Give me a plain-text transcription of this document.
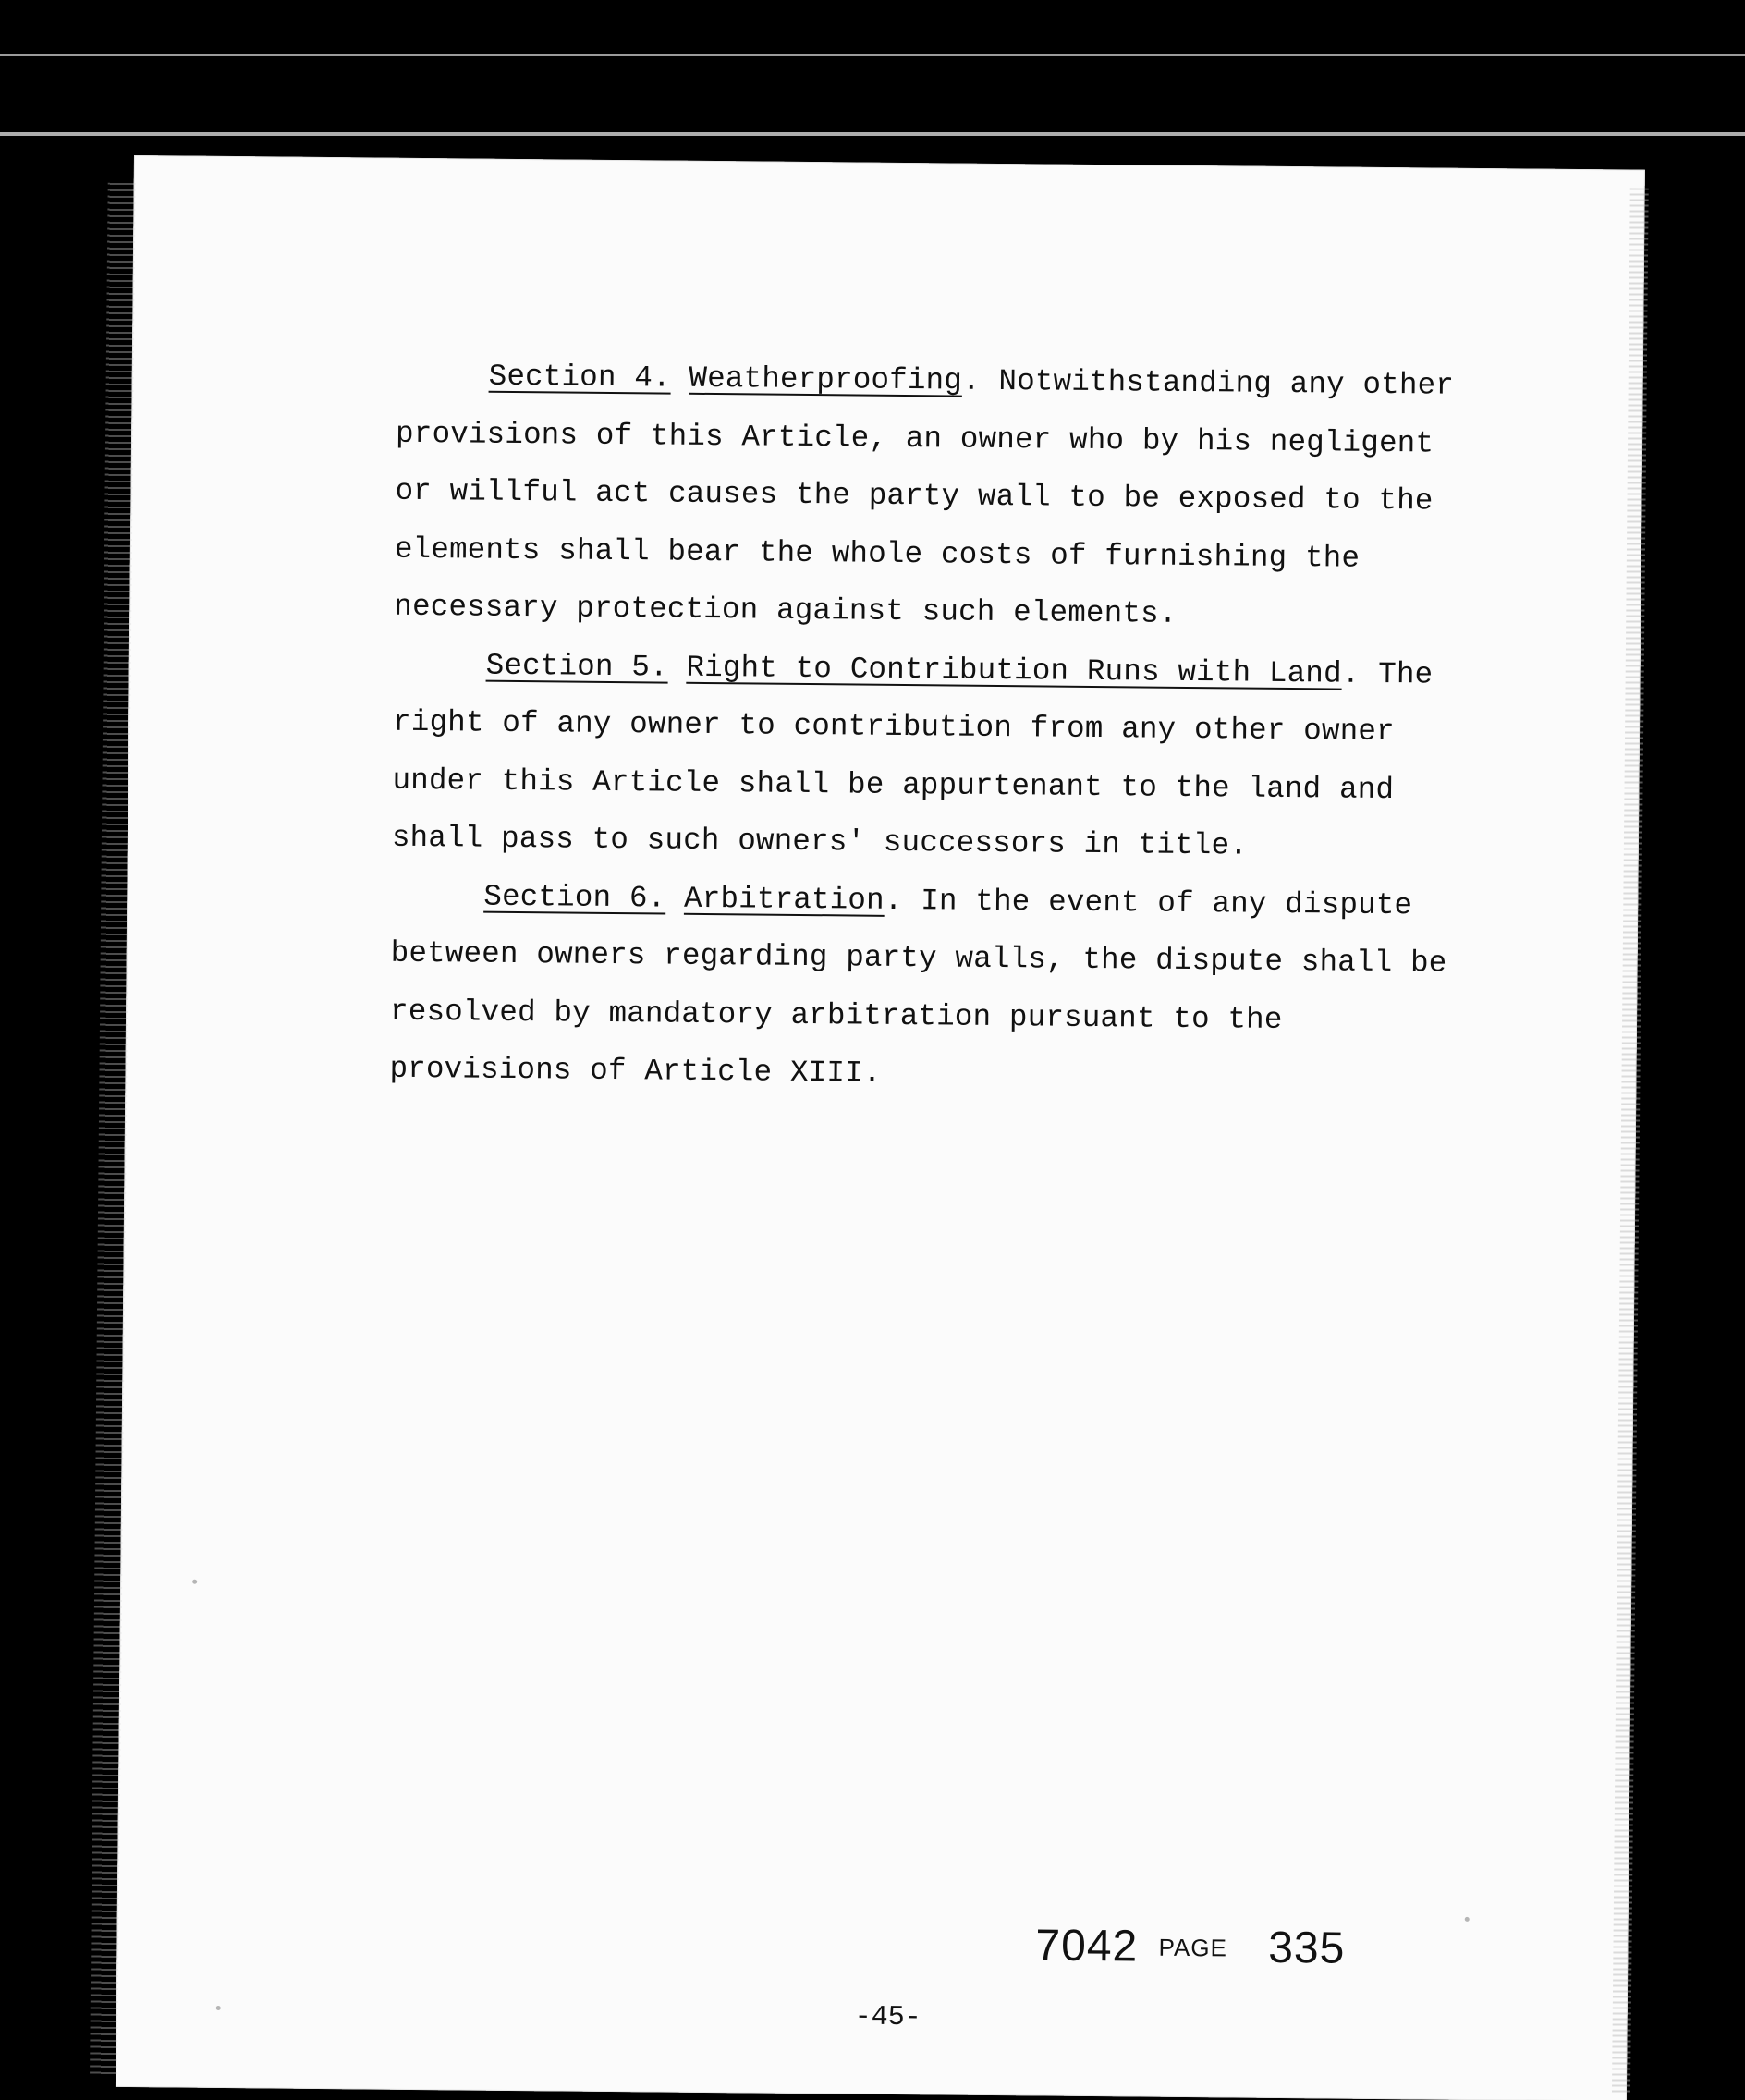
Section 4. Weatherproofing. Notwithstanding any other provisions of this Article, an owner who by his negligent or willful act causes the party wall to be exposed to the elements shall bear the whole costs of furnishing the necessary protection against such elements.

Section 5. Right to Contribution Runs with Land. The right of any owner to contribution from any other owner under this Article shall be appurtenant to the land and shall pass to such owners' successors in title.

Section 6. Arbitration. In the event of any dispute between owners regarding party walls, the dispute shall be resolved by mandatory arbitration pursuant to the provisions of Article XIII.

7042 PAGE 335
-45-
